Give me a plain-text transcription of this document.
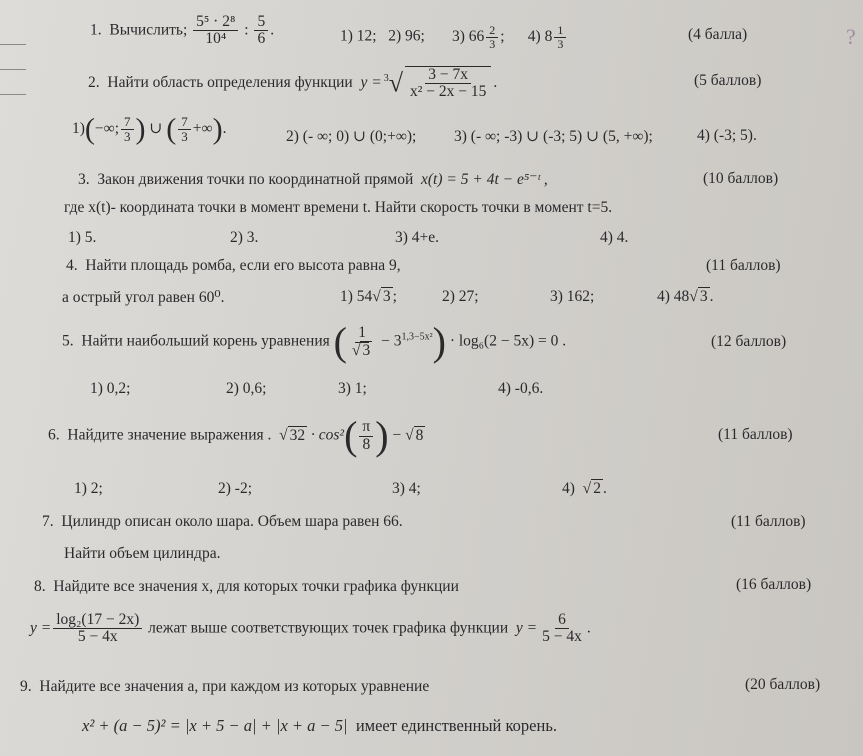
?
1. Вычислить; $\frac{\text{5⁵ · 2⁸}}{\text{10⁴}}$ : $\frac{5}{6}$ .	1) 12; 2) 96; 3) $66 \frac{2}{3}$ ; 4) $8 \frac{1}{3}$	(4 балла)
2. Найти область определения функции $y = ^3√ \frac{3 - 7x}{\text{x² − 2x − 15}}$ .	(5 баллов)
1)(−∞; $\frac{7}{3}$ ) ∪ ( $\frac{7}{3}$ +∞).	2) (- ∞; 0) ∪ (0;+∞); 3) (- ∞; -3) ∪ (-3; 5) ∪ (5, +∞);	4) (-3; 5).
3. Закон движения точки по координатной прямой x(t) = 5 + 4t − e⁵⁻ᵗ ,	(10 баллов)
где x(t)- координата точки в момент времени t. Найти скорость точки в момент t=5.
1) 5.	2) 3.	3) 4+e.	4) 4.
4. Найти площадь ромба, если его высота равна 9,	(11 баллов)
а острый угол равен 60⁰.	1) 54√ 3 ;	2) 27;	3) 162;	4) 48√ 3 .
5. Найти наибольший корень уравнения ( $\frac{1}{√ 3} - 3^{1,3-5x^2}) \cdot \log_6(2 - 5x) = 0$ .	(12 баллов)
1) 0,2;	2) 0,6;	3) 1;	4) -0,6.
6. Найдите значение выражения .  √ $32 \cdot \cos^2( \frac{\pi}{8}$ ) − √ 8	(11 баллов)
1) 2;	2) -2;	3) 4;	4)  √ 2 .
7. Цилиндр описан около шара. Объем шара равен 66.	(11 баллов)
Найти объем цилиндра.
8. Найдите все значения x, для которых точки графика функции	(16 баллов)
$y = \frac{\text{log₂(17 − 2x)}}{5 - 4x}$ лежат выше соответствующих точек графика функции $y = \frac{6}{5 - 4x}$ .
9. Найдите все значения a, при каждом из которых уравнение	(20 баллов)
x² + (a − 5)² = |x + 5 − a| + |x + a − 5| имеет единственный корень.
